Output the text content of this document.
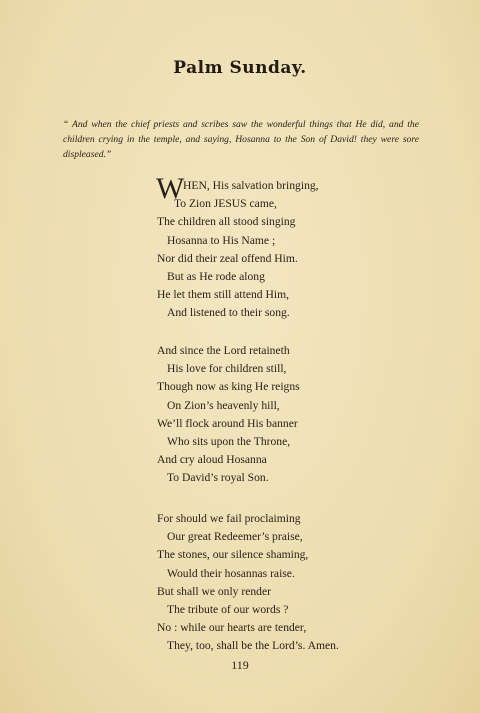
Palm Sunday.
“ And when the chief priests and scribes saw the wonderful things that He did, and the children crying in the temple, and saying, Hosanna to the Son of David! they were sore displeased.”
W
HEN, His salvation bringing,
To Zion JESUS came,
The children all stood singing
Hosanna to His Name ;
Nor did their zeal offend Him.
But as He rode along
He let them still attend Him,
And listened to their song.
And since the Lord retaineth
His love for children still,
Though now as king He reigns
On Zion’s heavenly hill,
We’ll flock around His banner
Who sits upon the Throne,
And cry aloud Hosanna
To David’s royal Son.
For should we fail proclaiming
Our great Redeemer’s praise,
The stones, our silence shaming,
Would their hosannas raise.
But shall we only render
The tribute of our words ?
No : while our hearts are tender,
They, too, shall be the Lord’s. Amen.
119
